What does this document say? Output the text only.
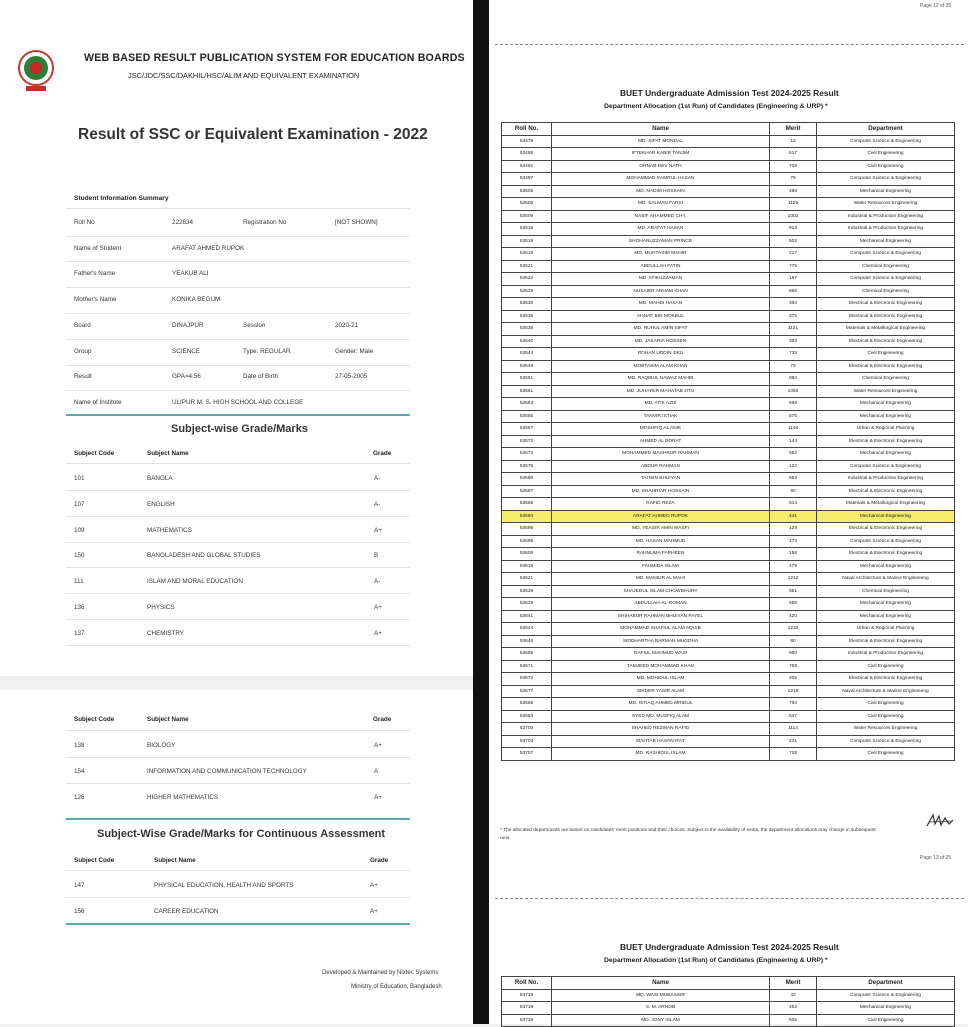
WEB BASED RESULT PUBLICATION SYSTEM FOR EDUCATION BOARDS
JSC/JDC/SSC/DAKHIL/HSC/ALIM AND EQUIVALENT EXAMINATION
Result of SSC or Equivalent Examination - 2022
Student Information Summary
Roll No	222634	Registration No	[NOT SHOWN]
Name of Student	ARAFAT AHMED RUPOK
Father's Name	YEAKUB ALI
Mother's Name	KONIKA BEGUM
Board	DINAJPUR	Session	2020-21
Group	SCIENCE	Type: REGULAR	Gender: Male
Result	GPA=4.56	Date of Birth	27-05-2005
Name of Institute	ULIPUR M. S. HIGH SCHOOL AND COLLEGE
Subject-wise Grade/Marks
Subject Code	Subject Name	Grade
101	BANGLA	A-
107	ENGLISH	A-
109	MATHEMATICS	A+
150	BANGLADESH AND GLOBAL STUDIES	B
111	ISLAM AND MORAL EDUCATION	A-
136	PHYSICS	A+
137	CHEMISTRY	A+
Subject Code	Subject Name	Grade
138	BIOLOGY	A+
154	INFORMATION AND COMMUNICATION TECHNOLOGY	A
126	HIGHER MATHEMATICS	A+
Subject-Wise Grade/Marks for Continuous Assessment
Subject Code	Subject Name	Grade
147	PHYSICAL EDUCATION, HEALTH AND SPORTS	A+
156	CAREER EDUCATION	A+
Developed & Maintained by Nixtec Systems
Ministry of Education, Bangladesh
Page 12 of 25
BUET Undergraduate Admission Test 2024-2025 Result
Department Allocation (1st Run) of Candidates (Engineering & URP) *
Roll No.	Name	Merit	Department
53479	MD. SIFAT MONDAL	13	Computer Science & Engineering
53485	IFTEKHAR KABIR TANJIM	617	Civil Engineering
53491	ORNAB DEV NATH	708	Civil Engineering
53497	MOHAMMAD KAMRUL HASAN	79	Computer Science & Engineering
53505	MD. NADIM HOSSAIN	488	Mechanical Engineering
53506	MD. SALMAN FARSI	1125	Water Resources Engineering
53509	NASIF AHAMMED CHY.	1002	Industrial & Production Engineering
53516	MD. ARAFAT HASAN	913	Industrial & Production Engineering
53518	SHOHANUZZAMAN PRINCE	502	Mechanical Engineering
53519	MD. MUHTASIM MAHIR	217	Computer Science & Engineering
53521	ABDULLAH FATIN	775	Chemical Engineering
53522	MD. ATIKUZZAMAN	187	Computer Science & Engineering
53529	NUSAIER ARHAM KHAN	866	Chemical Engineering
53530	MD. MAHDI HASAN	364	Electrical & Electronic Engineering
53536	AHNAF BIN MOKBUL	375	Electrical & Electronic Engineering
53538	MD. RUHUL AMIN SIFAT	1131	Materials & Metallurgical Engineering
53540	MD. JAKARIA HOSSEN	383	Electrical & Electronic Engineering
53544	ROHAN UDDIN JIKU	735	Civil Engineering
53548	MOBTASIM ALAM KHAN	70	Electrical & Electronic Engineering
53551	MD. RAQIBUL NAWAZ MAHIB	884	Chemical Engineering
53561	MD. JUHAYER MAHATAB JITU	1050	Water Resources Engineering
53563	MD. ATIK AZIZ	568	Mechanical Engineering
53565	TANVIR ISTIAK	575	Mechanical Engineering
53567	MOSHFIQ AL ANIK	1148	Urban & Regional Planning
53572	AHMED AL BORAT	144	Electrical & Electronic Engineering
53574	MOHAMMED MASHRUR RAHMAN	552	Mechanical Engineering
53575	ABDUR RAHMAN	122	Computer Science & Engineering
53580	TAHSIN BHUIYAN	953	Industrial & Production Engineering
53587	MD. SHAHRIAR HOSSAIN	90	Electrical & Electronic Engineering
53588	RAFID REZA	614	Materials & Metallurgical Engineering
53594	ARAFAT AHMED RUPOK	441	Mechanical Engineering
53596	MD. YEASIR AMIN MASFI	128	Electrical & Electronic Engineering
53598	MD. HASAN MAHMUD	174	Computer Science & Engineering
53605	RAHNUMA FARHEEN	156	Electrical & Electronic Engineering
53615	FAHMIDA ISLAM	479	Mechanical Engineering
53621	MD. MANIUR AL MAHI	1212	Naval Architecture & Marine Engineering
53628	SHAJEDUL ISLAM CHOWDHURY	651	Chemical Engineering
53629	ABDULLAH-AL-ROMAN	556	Mechanical Engineering
53641	SHIHABUR RAHMAN BHUIYAN PAYEL	420	Mechanical Engineering
53644	MOHAMMAD SHAFIUL ALAM AQUIB	1233	Urban & Regional Planning
53646	SIDDHARTHA BARMAN MUGDHA	80	Electrical & Electronic Engineering
53665	RAFIUL MAHMUD WASI	960	Industrial & Production Engineering
53671	TAMJEED MOHAMMAD KHAN	769	Civil Engineering
53672	MD. MOHIDUL ISLAM	205	Electrical & Electronic Engineering
53677	SIKDER YASIR ALAM	1218	Naval Architecture & Marine Engineering
53688	MD. ISTIAQ AHMED MRIDUL	764	Civil Engineering
53693	SYED MD. MUSFIQ ALAM	647	Civil Engineering
53700	SHAHED REZWAN RAFID	1114	Water Resources Engineering
53703	MAHTAB HASAN IFAT	241	Computer Science & Engineering
53707	MD. RASHIDUL ISLAM	728	Civil Engineering
* The allocated departments are based on candidates' merit positions and their choices. Subject to the availability of seats, the department allocations may change in subsequent runs.
Page 13 of 25
BUET Undergraduate Admission Test 2024-2025 Result
Department Allocation (1st Run) of Candidates (Engineering & URP) *
Roll No.	Name	Merit	Department
53718	MD. WASI MUBASSIR	43	Computer Science & Engineering
53719	S. M. ARNOB	452	Mechanical Engineering
53729	MD. JONY ISLAM	606	Civil Engineering
